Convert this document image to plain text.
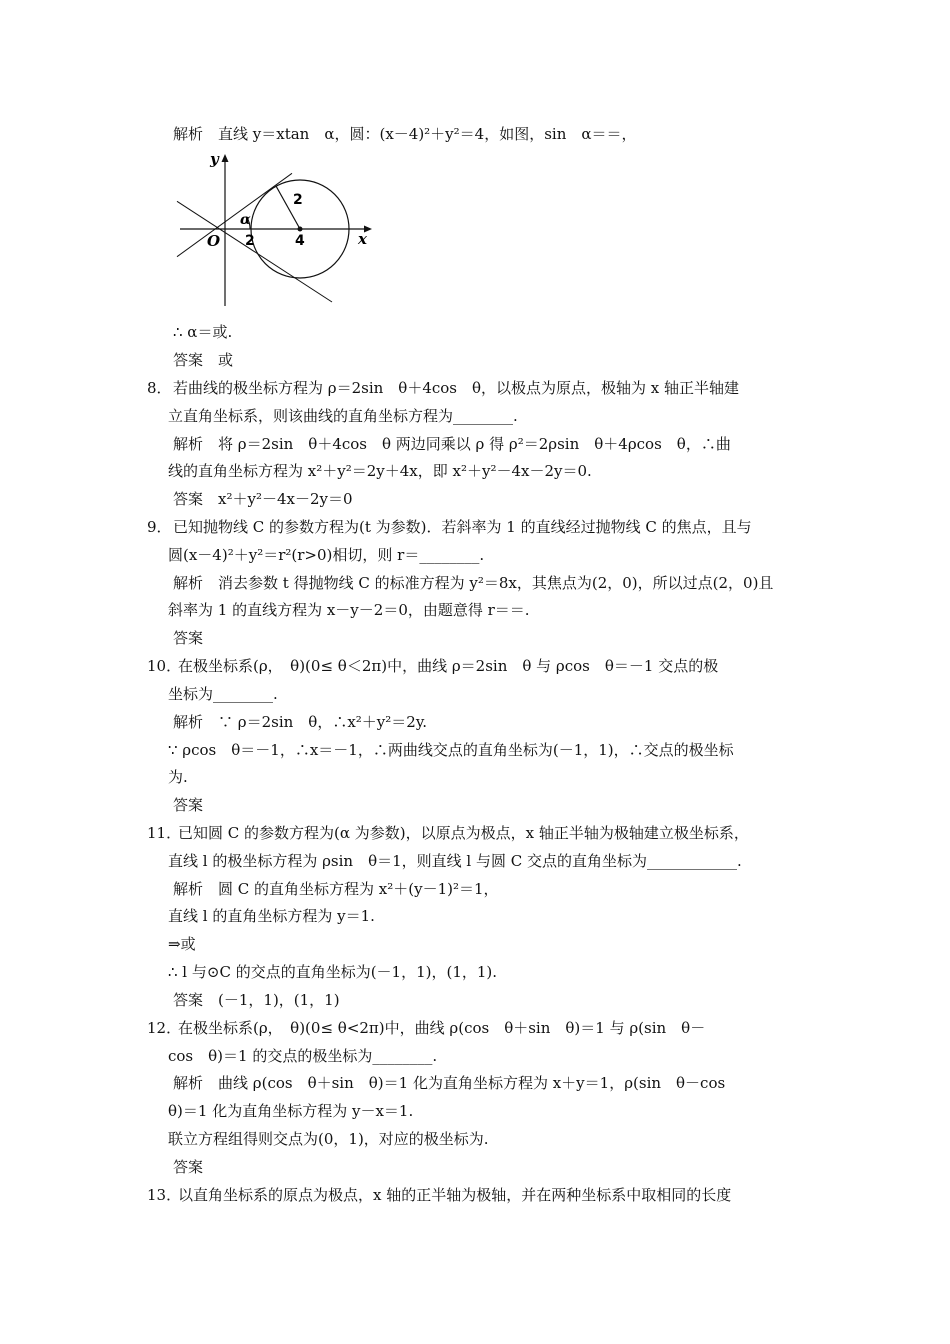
解析　直线 y＝xtan　α，圆：(x－4)²＋y²＝4，如图，sin　α＝＝，
y
x
O
α
2
4
2
∴ α＝或.
答案　或
8． 若曲线的极坐标方程为 ρ＝2sin　θ＋4cos　θ，以极点为原点，极轴为 x 轴正半轴建
立直角坐标系，则该曲线的直角坐标方程为________.
解析　将 ρ＝2sin　θ＋4cos　θ 两边同乘以 ρ 得 ρ²＝2ρsin　θ＋4ρcos　θ，∴曲
线的直角坐标方程为 x²＋y²＝2y＋4x，即 x²＋y²－4x－2y＝0.
答案　x²＋y²－4x－2y＝0
9． 已知抛物线 C 的参数方程为(t 为参数)．若斜率为 1 的直线经过抛物线 C 的焦点，且与
圆(x－4)²＋y²＝r²(r>0)相切，则 r＝________.
解析　消去参数 t 得抛物线 C 的标准方程为 y²＝8x，其焦点为(2，0)，所以过点(2，0)且
斜率为 1 的直线方程为 x－y－2＝0，由题意得 r＝＝.
答案
10．
在极坐标系(ρ，　θ)(0≤ θ＜2π)中，曲线 ρ＝2sin　θ 与 ρcos　θ＝－1 交点的极
坐标为________.
解析　∵ ρ＝2sin　θ，∴x²＋y²＝2y.
∵ ρcos　θ＝－1，∴x＝－1，∴两曲线交点的直角坐标为(－1，1)，∴交点的极坐标
为.
答案
11．
已知圆 C 的参数方程为(α 为参数)，以原点为极点，x 轴正半轴为极轴建立极坐标系，
直线 l 的极坐标方程为 ρsin　θ＝1，则直线 l 与圆 C 交点的直角坐标为____________.
解析　圆 C 的直角坐标方程为 x²＋(y－1)²＝1，
直线 l 的直角坐标方程为 y＝1.
⇒或
∴ l 与⊙C 的交点的直角坐标为(－1，1)，(1，1).
答案　(－1，1)，(1，1)
12．
在极坐标系(ρ，　θ)(0≤ θ<2π)中，曲线 ρ(cos　θ＋sin　θ)＝1 与 ρ(sin　θ－
cos　θ)＝1 的交点的极坐标为________.
解析　曲线 ρ(cos　θ＋sin　θ)＝1 化为直角坐标方程为 x＋y＝1，ρ(sin　θ－cos
θ)＝1 化为直角坐标方程为 y－x＝1.
联立方程组得则交点为(0，1)，对应的极坐标为.
答案
13．
以直角坐标系的原点为极点，x 轴的正半轴为极轴，并在两种坐标系中取相同的长度
